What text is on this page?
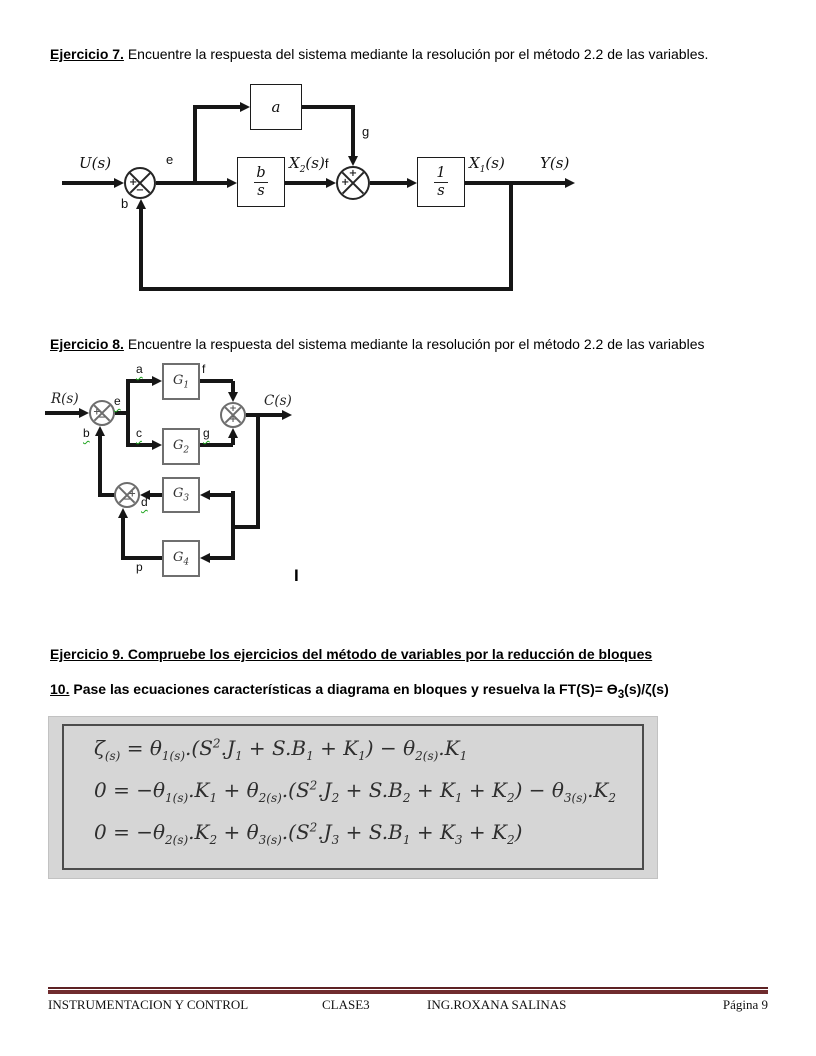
Ejercicio 7. Encuentre la respuesta del sistema mediante la resolución por el método 2.2 de las variables.
a
$\frac{b}{s}$	$\frac{1}{s}$
+
−
+
+
U(s)	e
g
$X_2(s)f$	$X_1(s)$ Y(s)
b
Ejercicio 8. Encuentre la respuesta del sistema mediante la resolución por el método 2.2 de las variables
$G_1$
$G_2$
$G_3$
$G_4$
+
−
+
+
+
−
R(s)	C(s)
a	f
e
b	c	g
d
p	I
Ejercicio 9. Compruebe los ejercicios del método de variables por la reducción de bloques
10. Pase las ecuaciones características a diagrama en bloques y resuelva la $FT(S)= Ө_3(s)/\zeta(s)$
$\zeta_{(s)} = \theta_{1(s)}.(S^2.J_1 + S.B_1 + K_1) - \theta_{2(s)}.K_1$
$0 = -\theta_{1(s)}.K_1 + \theta_{2(s)}.(S^2.J_2 + S.B_2 + K_1 + K_2) - \theta_{3(s)}.K_2$
$0 = -\theta_{2(s)}.K_2 + \theta_{3(s)}.(S^2.J_3 + S.B_1 + K_3 + K_2)$
INSTRUMENTACION Y CONTROL	CLASE3	ING.ROXANA SALINAS	Página 9
